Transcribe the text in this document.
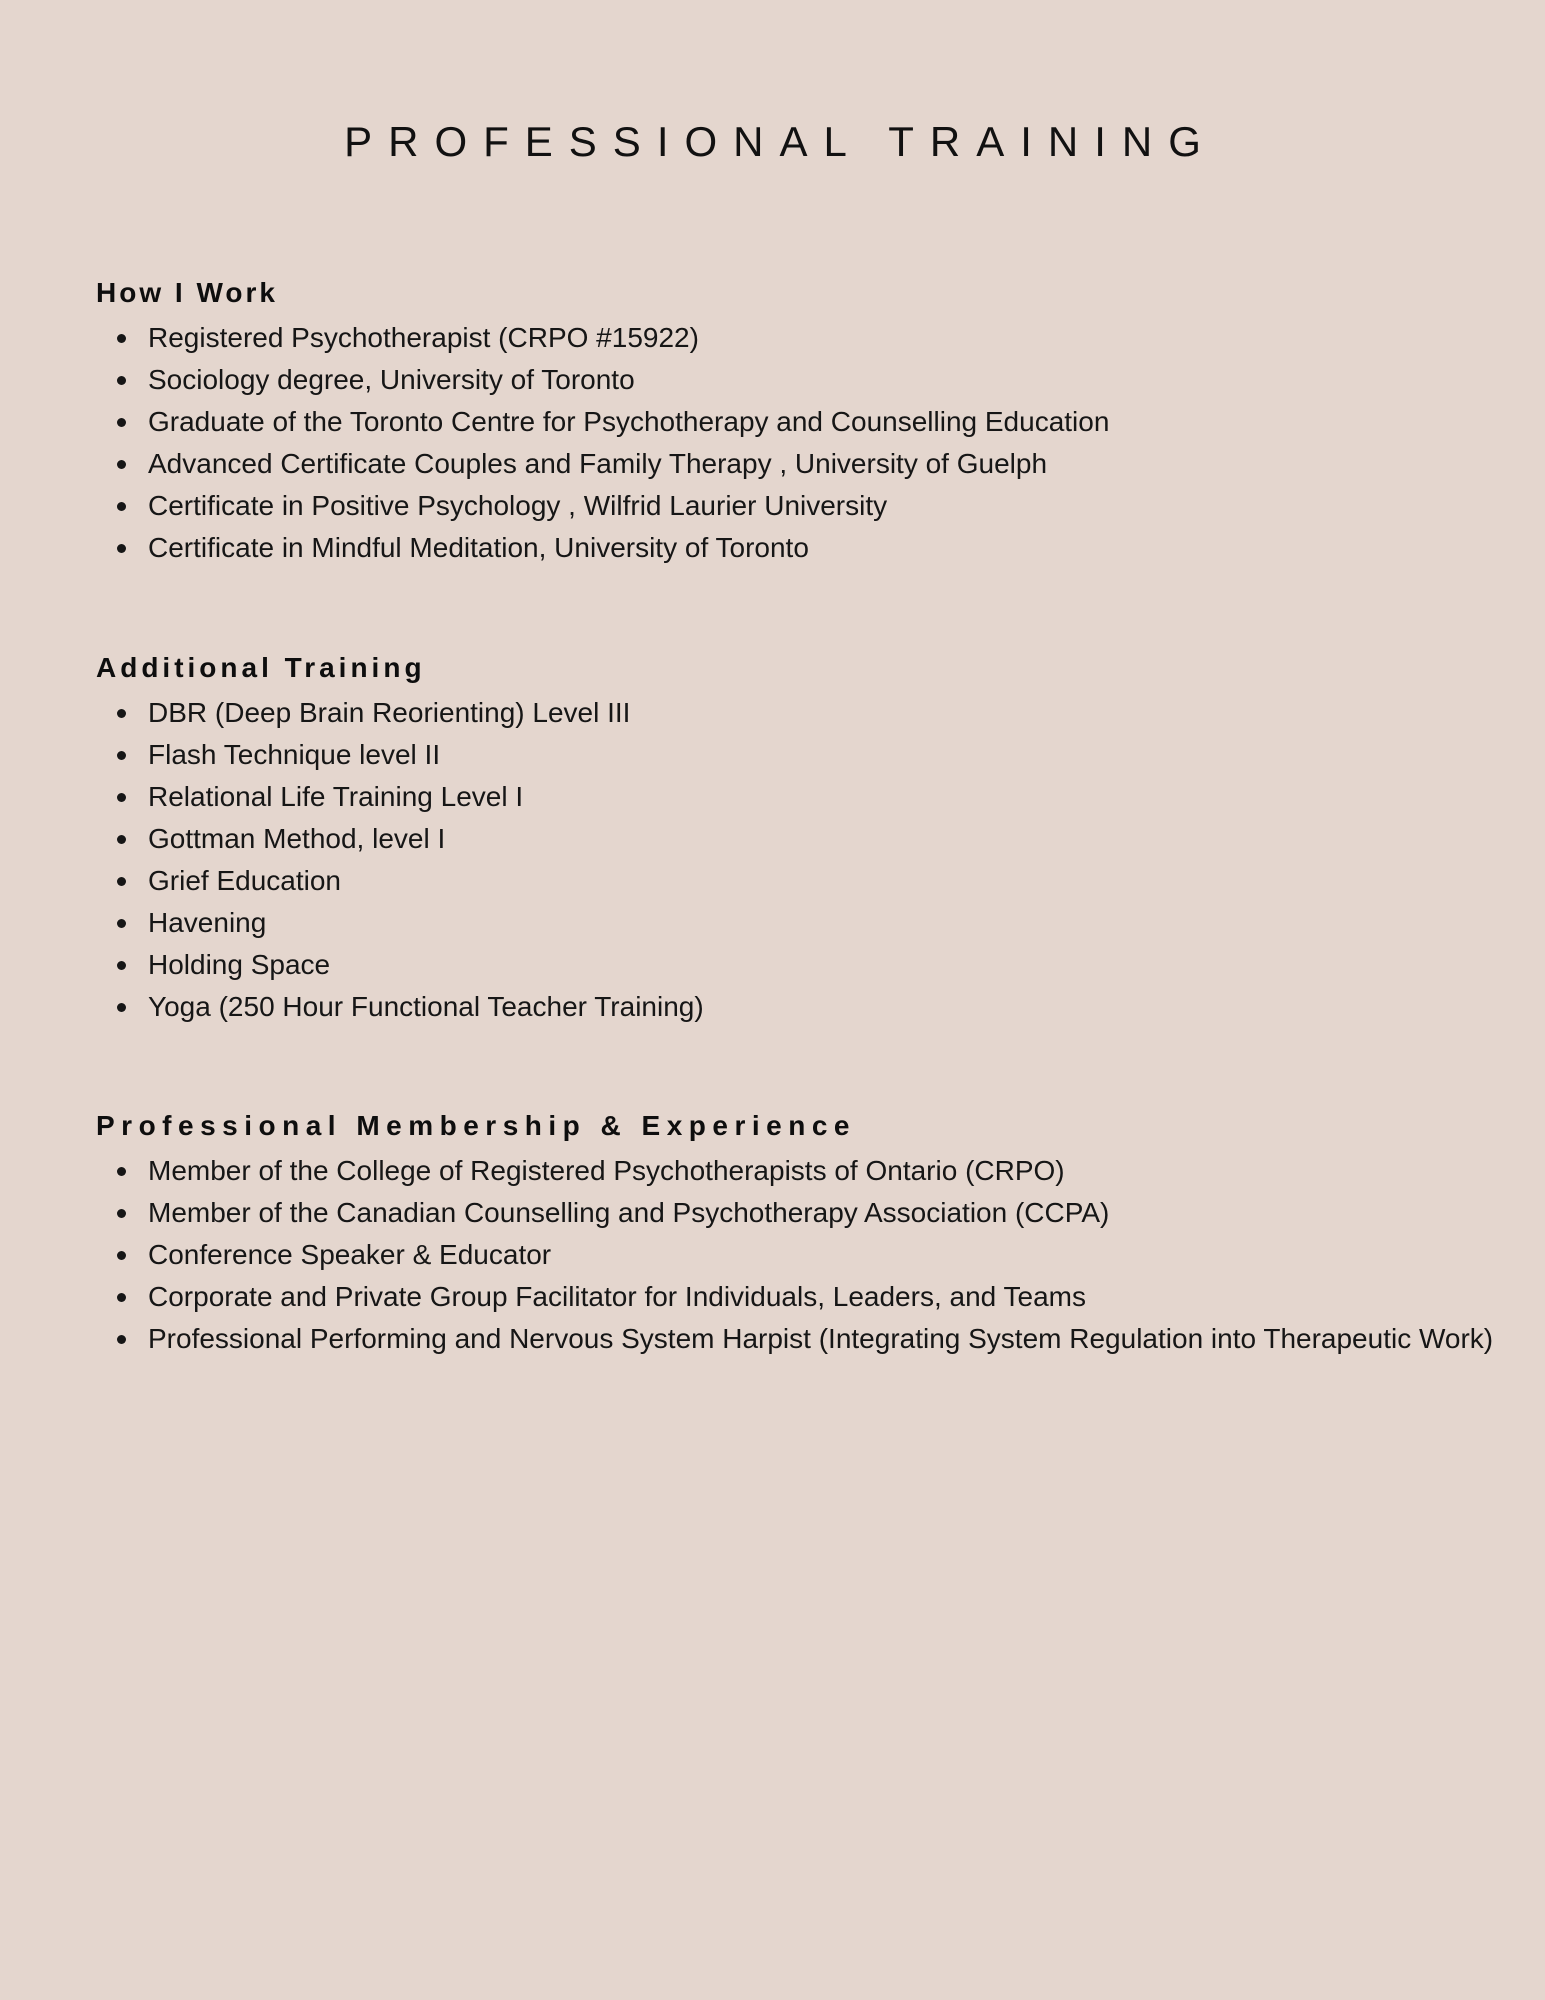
PROFESSIONAL TRAINING
How I Work
Registered Psychotherapist (CRPO #15922)
Sociology degree, University of Toronto
Graduate of the Toronto Centre for Psychotherapy and Counselling Education
Advanced Certificate Couples and Family Therapy , University of Guelph
Certificate in Positive Psychology , Wilfrid Laurier University
Certificate in Mindful Meditation, University of Toronto
Additional Training
DBR (Deep Brain Reorienting) Level III
Flash Technique level II
Relational Life Training Level I
Gottman Method, level I
Grief Education
Havening
Holding Space
Yoga (250 Hour Functional Teacher Training)
Professional Membership & Experience
Member of the College of Registered Psychotherapists of Ontario (CRPO)
Member of the Canadian Counselling and Psychotherapy Association (CCPA)
Conference Speaker & Educator
Corporate and Private Group Facilitator for Individuals, Leaders, and Teams
Professional Performing and Nervous System Harpist (Integrating System Regulation into Therapeutic Work)
